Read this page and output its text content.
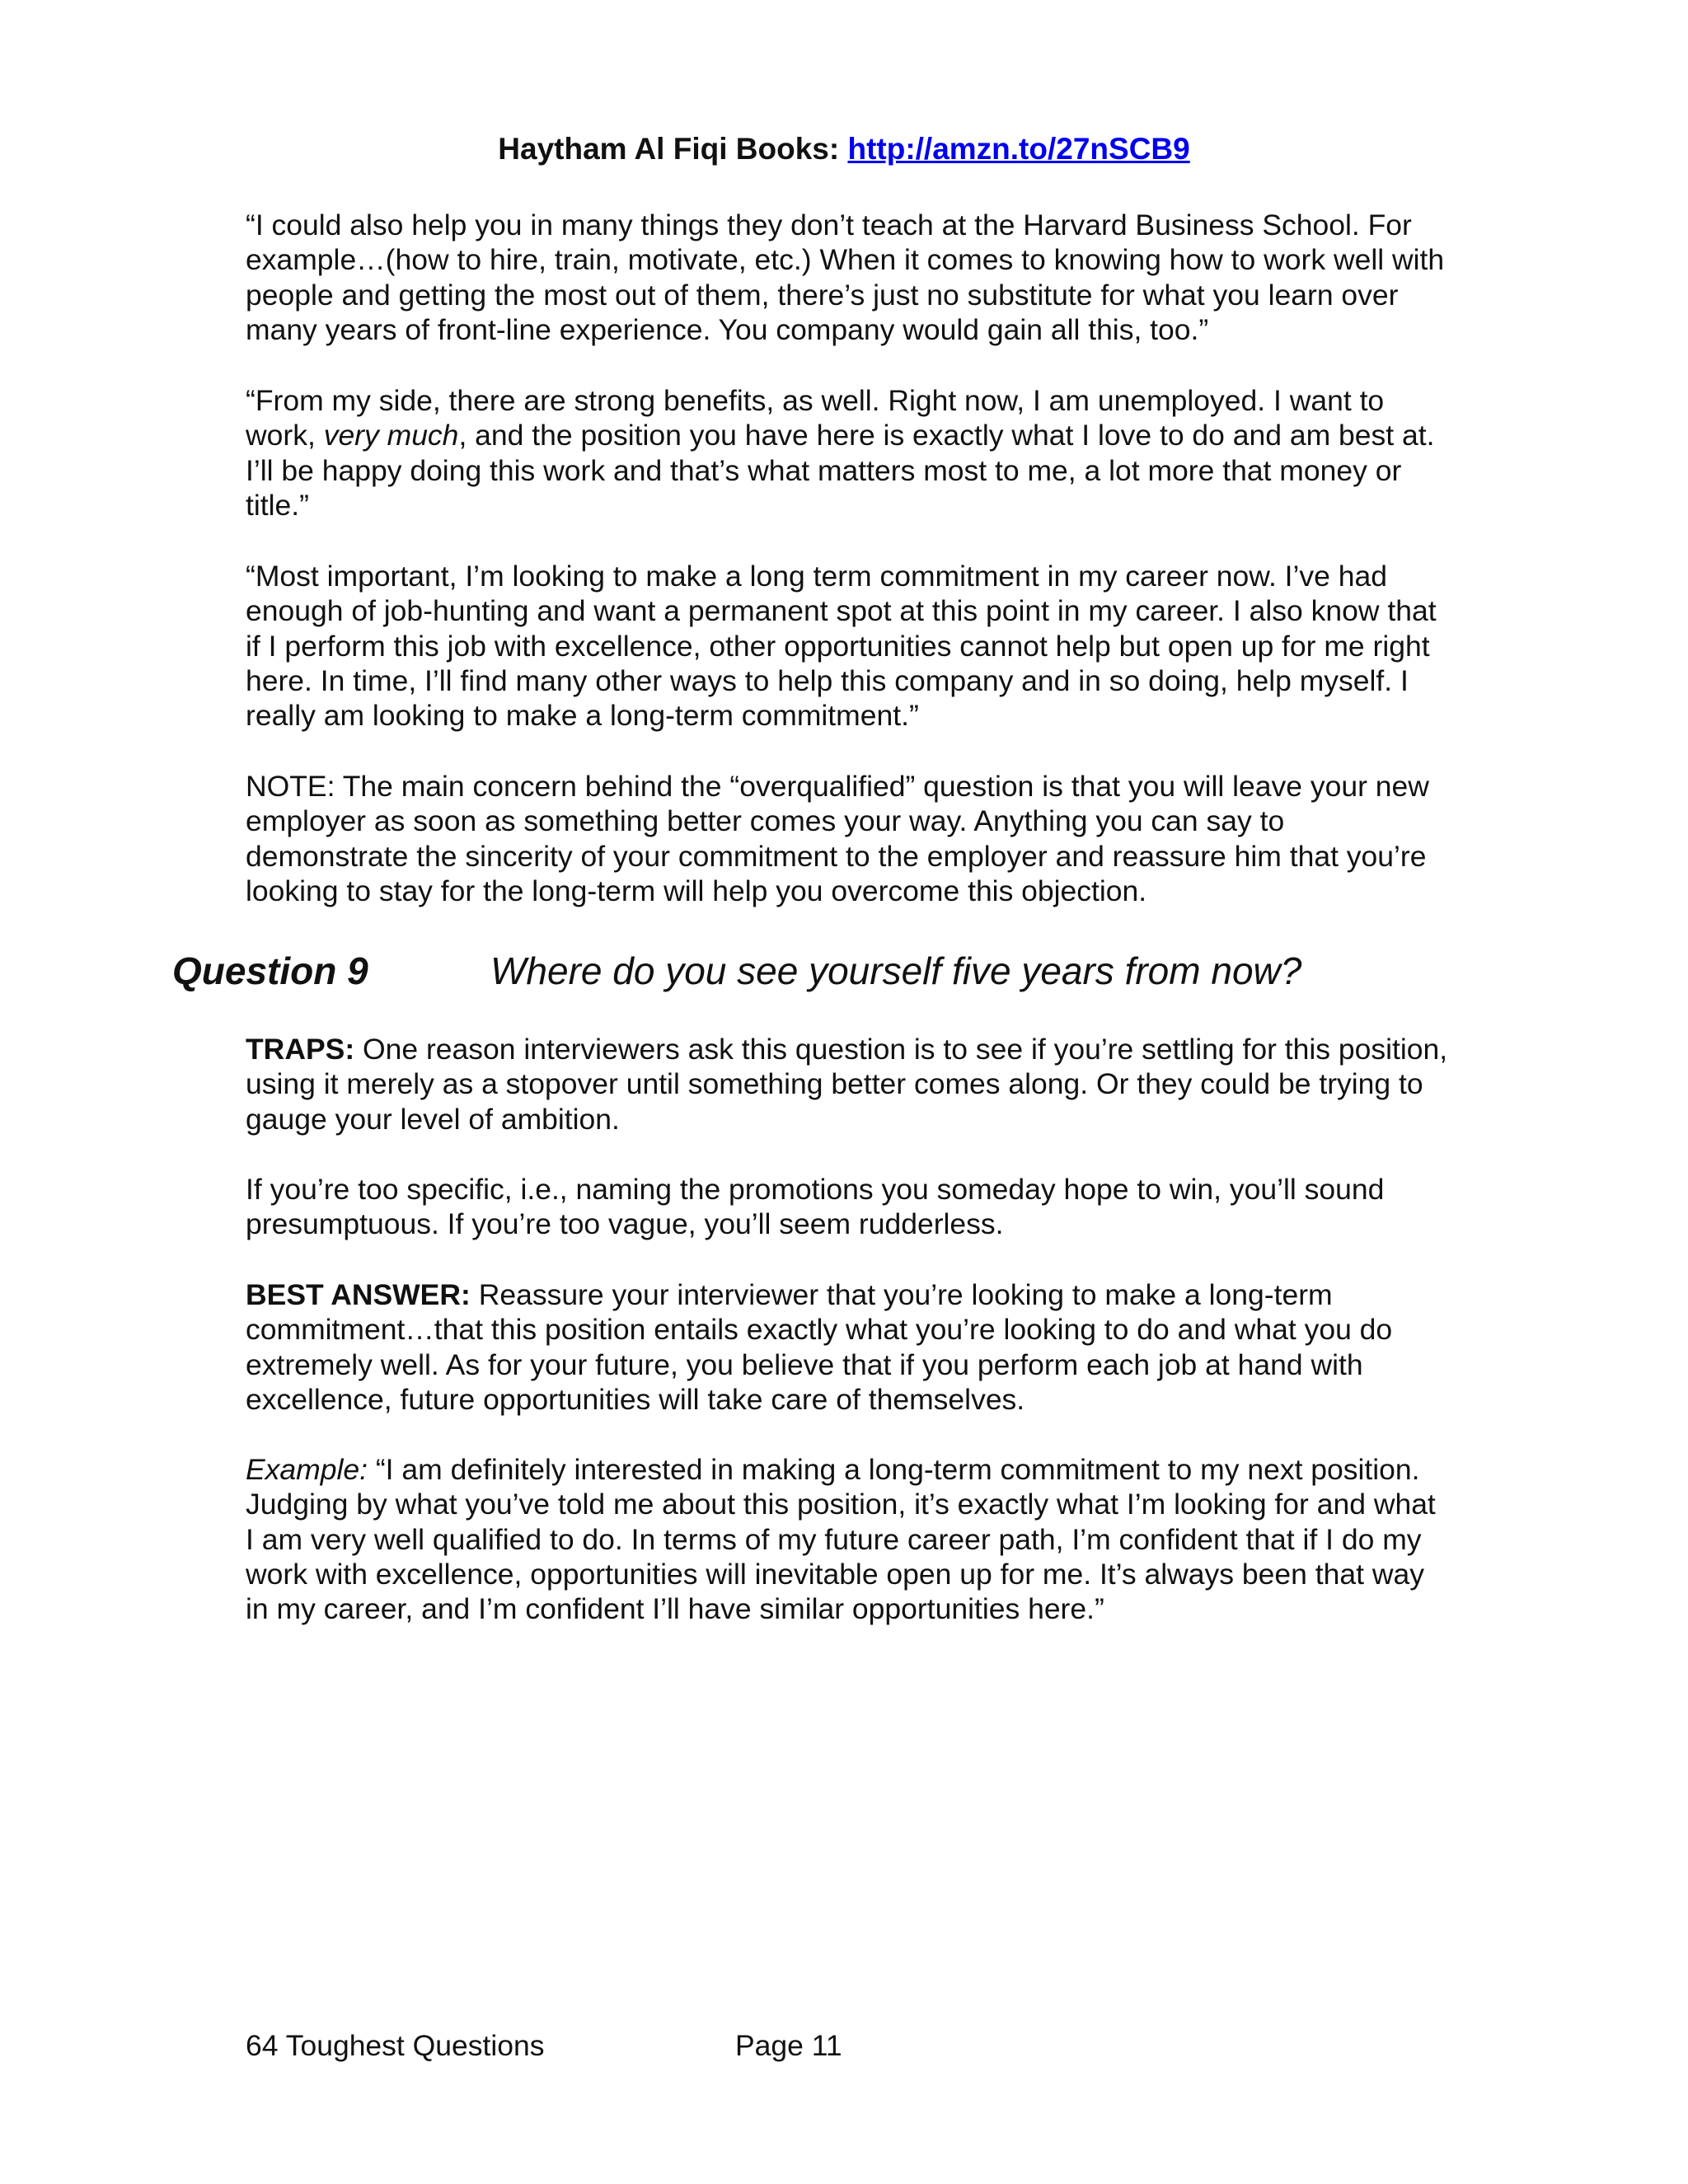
Haytham Al Fiqi Books: http://amzn.to/27nSCB9

“I could also help you in many things they don’t teach at the Harvard Business School. For example…(how to hire, train, motivate, etc.) When it comes to knowing how to work well with people and getting the most out of them, there’s just no substitute for what you learn over many years of front-line experience. You company would gain all this, too.”

“From my side, there are strong benefits, as well. Right now, I am unemployed. I want to work, very much, and the position you have here is exactly what I love to do and am best at. I’ll be happy doing this work and that’s what matters most to me, a lot more that money or title.”

“Most important, I’m looking to make a long term commitment in my career now. I’ve had enough of job-hunting and want a permanent spot at this point in my career. I also know that if I perform this job with excellence, other opportunities cannot help but open up for me right here. In time, I’ll find many other ways to help this company and in so doing, help myself. I really am looking to make a long-term commitment.”

NOTE: The main concern behind the “overqualified” question is that you will leave your new employer as soon as something better comes your way. Anything you can say to demonstrate the sincerity of your commitment to the employer and reassure him that you’re looking to stay for the long-term will help you overcome this objection.

Question 9	Where do you see yourself five years from now?

TRAPS: One reason interviewers ask this question is to see if you’re settling for this position, using it merely as a stopover until something better comes along. Or they could be trying to gauge your level of ambition.

If you’re too specific, i.e., naming the promotions you someday hope to win, you’ll sound presumptuous. If you’re too vague, you’ll seem rudderless.

BEST ANSWER: Reassure your interviewer that you’re looking to make a long-term commitment…that this position entails exactly what you’re looking to do and what you do extremely well. As for your future, you believe that if you perform each job at hand with excellence, future opportunities will take care of themselves.

Example: “I am definitely interested in making a long-term commitment to my next position. Judging by what you’ve told me about this position, it’s exactly what I’m looking for and what I am very well qualified to do. In terms of my future career path, I’m confident that if I do my work with excellence, opportunities will inevitable open up for me. It’s always been that way in my career, and I’m confident I’ll have similar opportunities here.”

64 Toughest Questions	Page 11
